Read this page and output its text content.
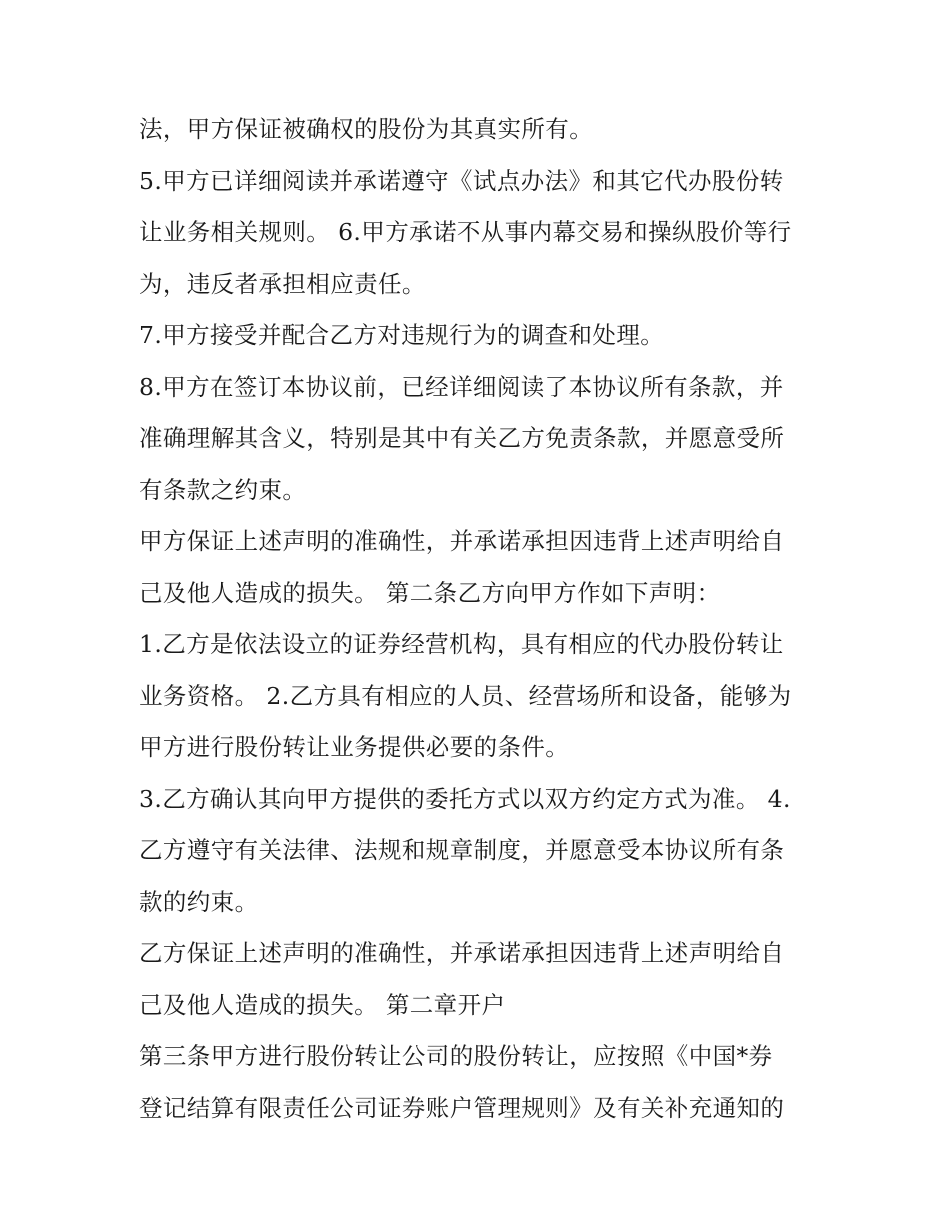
法，甲方保证被确权的股份为其真实所有。
5.甲方已详细阅读并承诺遵守《试点办法》和其它代办股份转
让业务相关规则。 6.甲方承诺不从事内幕交易和操纵股价等行
为，违反者承担相应责任。
7.甲方接受并配合乙方对违规行为的调查和处理。
8.甲方在签订本协议前，已经详细阅读了本协议所有条款，并
准确理解其含义，特别是其中有关乙方免责条款，并愿意受所
有条款之约束。
甲方保证上述声明的准确性，并承诺承担因违背上述声明给自
己及他人造成的损失。 第二条乙方向甲方作如下声明：
1.乙方是依法设立的证券经营机构，具有相应的代办股份转让
业务资格。 2.乙方具有相应的人员、经营场所和设备，能够为
甲方进行股份转让业务提供必要的条件。
3.乙方确认其向甲方提供的委托方式以双方约定方式为准。 4.
乙方遵守有关法律、法规和规章制度，并愿意受本协议所有条
款的约束。
乙方保证上述声明的准确性，并承诺承担因违背上述声明给自
己及他人造成的损失。 第二章开户
第三条甲方进行股份转让公司的股份转让，应按照《中国*券
登记结算有限责任公司证券账户管理规则》及有关补充通知的
